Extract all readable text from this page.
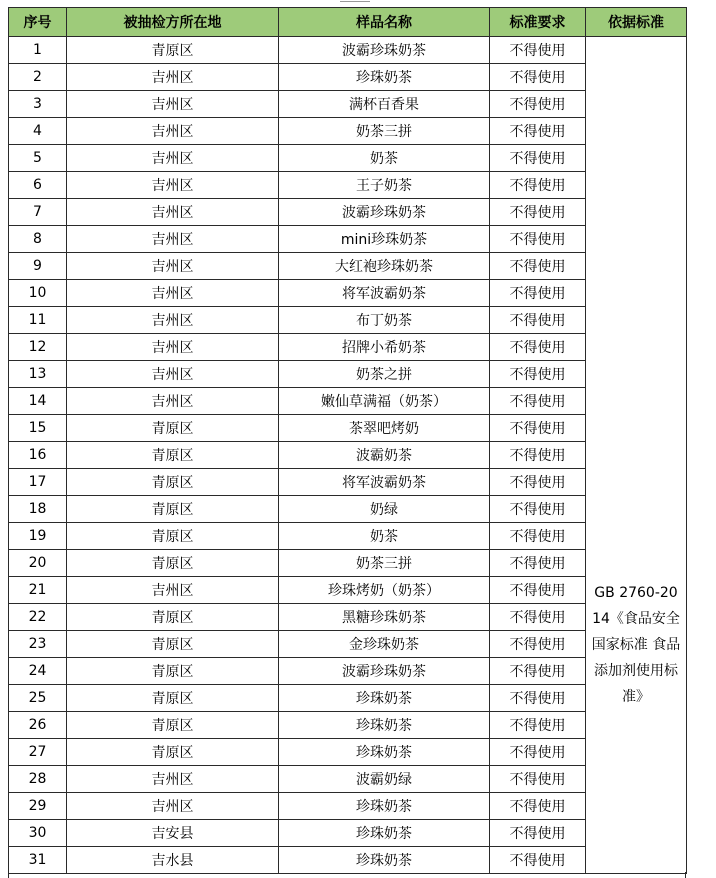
序号	被抽检方所在地	样品名称	标准要求	依据标准
1	青原区	波霸珍珠奶茶	不得使用	GB 2760-2014《食品安全国家标准 食品添加剂使用标准》
2	吉州区	珍珠奶茶	不得使用	
3	吉州区	满杯百香果	不得使用	
4	吉州区	奶茶三拼	不得使用	
5	吉州区	奶茶	不得使用	
6	吉州区	王子奶茶	不得使用	
7	吉州区	波霸珍珠奶茶	不得使用	
8	吉州区	mini珍珠奶茶	不得使用	
9	吉州区	大红袍珍珠奶茶	不得使用	
10	吉州区	将军波霸奶茶	不得使用	
11	吉州区	布丁奶茶	不得使用	
12	吉州区	招牌小希奶茶	不得使用	
13	吉州区	奶茶之拼	不得使用	
14	吉州区	嫩仙草满福（奶茶）	不得使用	
15	青原区	茶翠吧烤奶	不得使用	
16	青原区	波霸奶茶	不得使用	
17	青原区	将军波霸奶茶	不得使用	
18	青原区	奶绿	不得使用	
19	青原区	奶茶	不得使用	
20	青原区	奶茶三拼	不得使用	
21	吉州区	珍珠烤奶（奶茶）	不得使用	
22	青原区	黑糖珍珠奶茶	不得使用	
23	青原区	金珍珠奶茶	不得使用	
24	青原区	波霸珍珠奶茶	不得使用	
25	青原区	珍珠奶茶	不得使用	
26	青原区	珍珠奶茶	不得使用	
27	青原区	珍珠奶茶	不得使用	
28	吉州区	波霸奶绿	不得使用	
29	吉州区	珍珠奶茶	不得使用	
30	吉安县	珍珠奶茶	不得使用	
31	吉水县	珍珠奶茶	不得使用	
